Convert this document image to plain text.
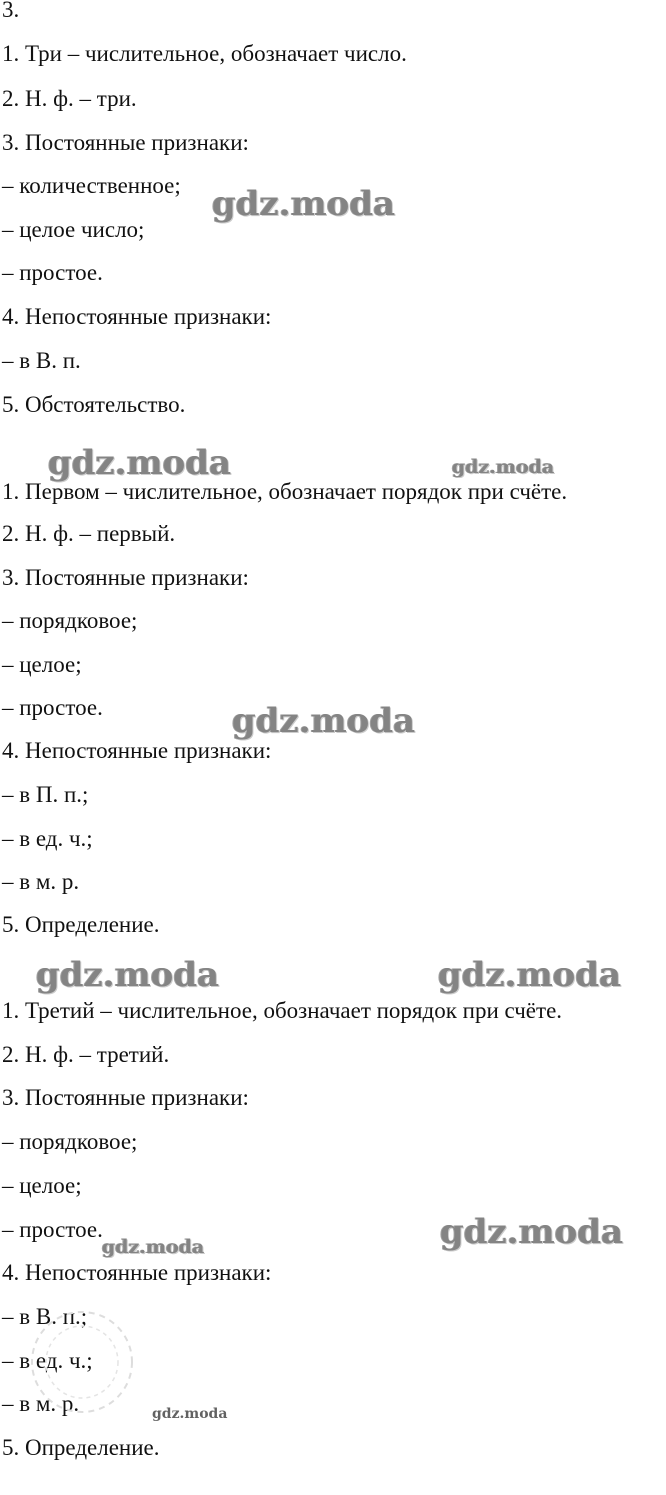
3.
1. Три – числительное, обозначает число.
2. Н. ф. – три.
3. Постоянные признаки:
– количественное;
– целое число;
– простое.
4. Непостоянные признаки:
– в В. п.
5. Обстоятельство.
1. Первом – числительное, обозначает порядок при счёте.
2. Н. ф. – первый.
3. Постоянные признаки:
– порядковое;
– целое;
– простое.
4. Непостоянные признаки:
– в П. п.;
– в ед. ч.;
– в м. р.
5. Определение.
1. Третий – числительное, обозначает порядок при счёте.
2. Н. ф. – третий.
3. Постоянные признаки:
– порядковое;
– целое;
– простое.
4. Непостоянные признаки:
– в В. п.;
– в ед. ч.;
– в м. р.
5. Определение.
gdz.moda
gdz.moda	gdz.moda
gdz.moda
gdz.moda	gdz.moda
gdz.moda
gdz.moda
gdz.moda
